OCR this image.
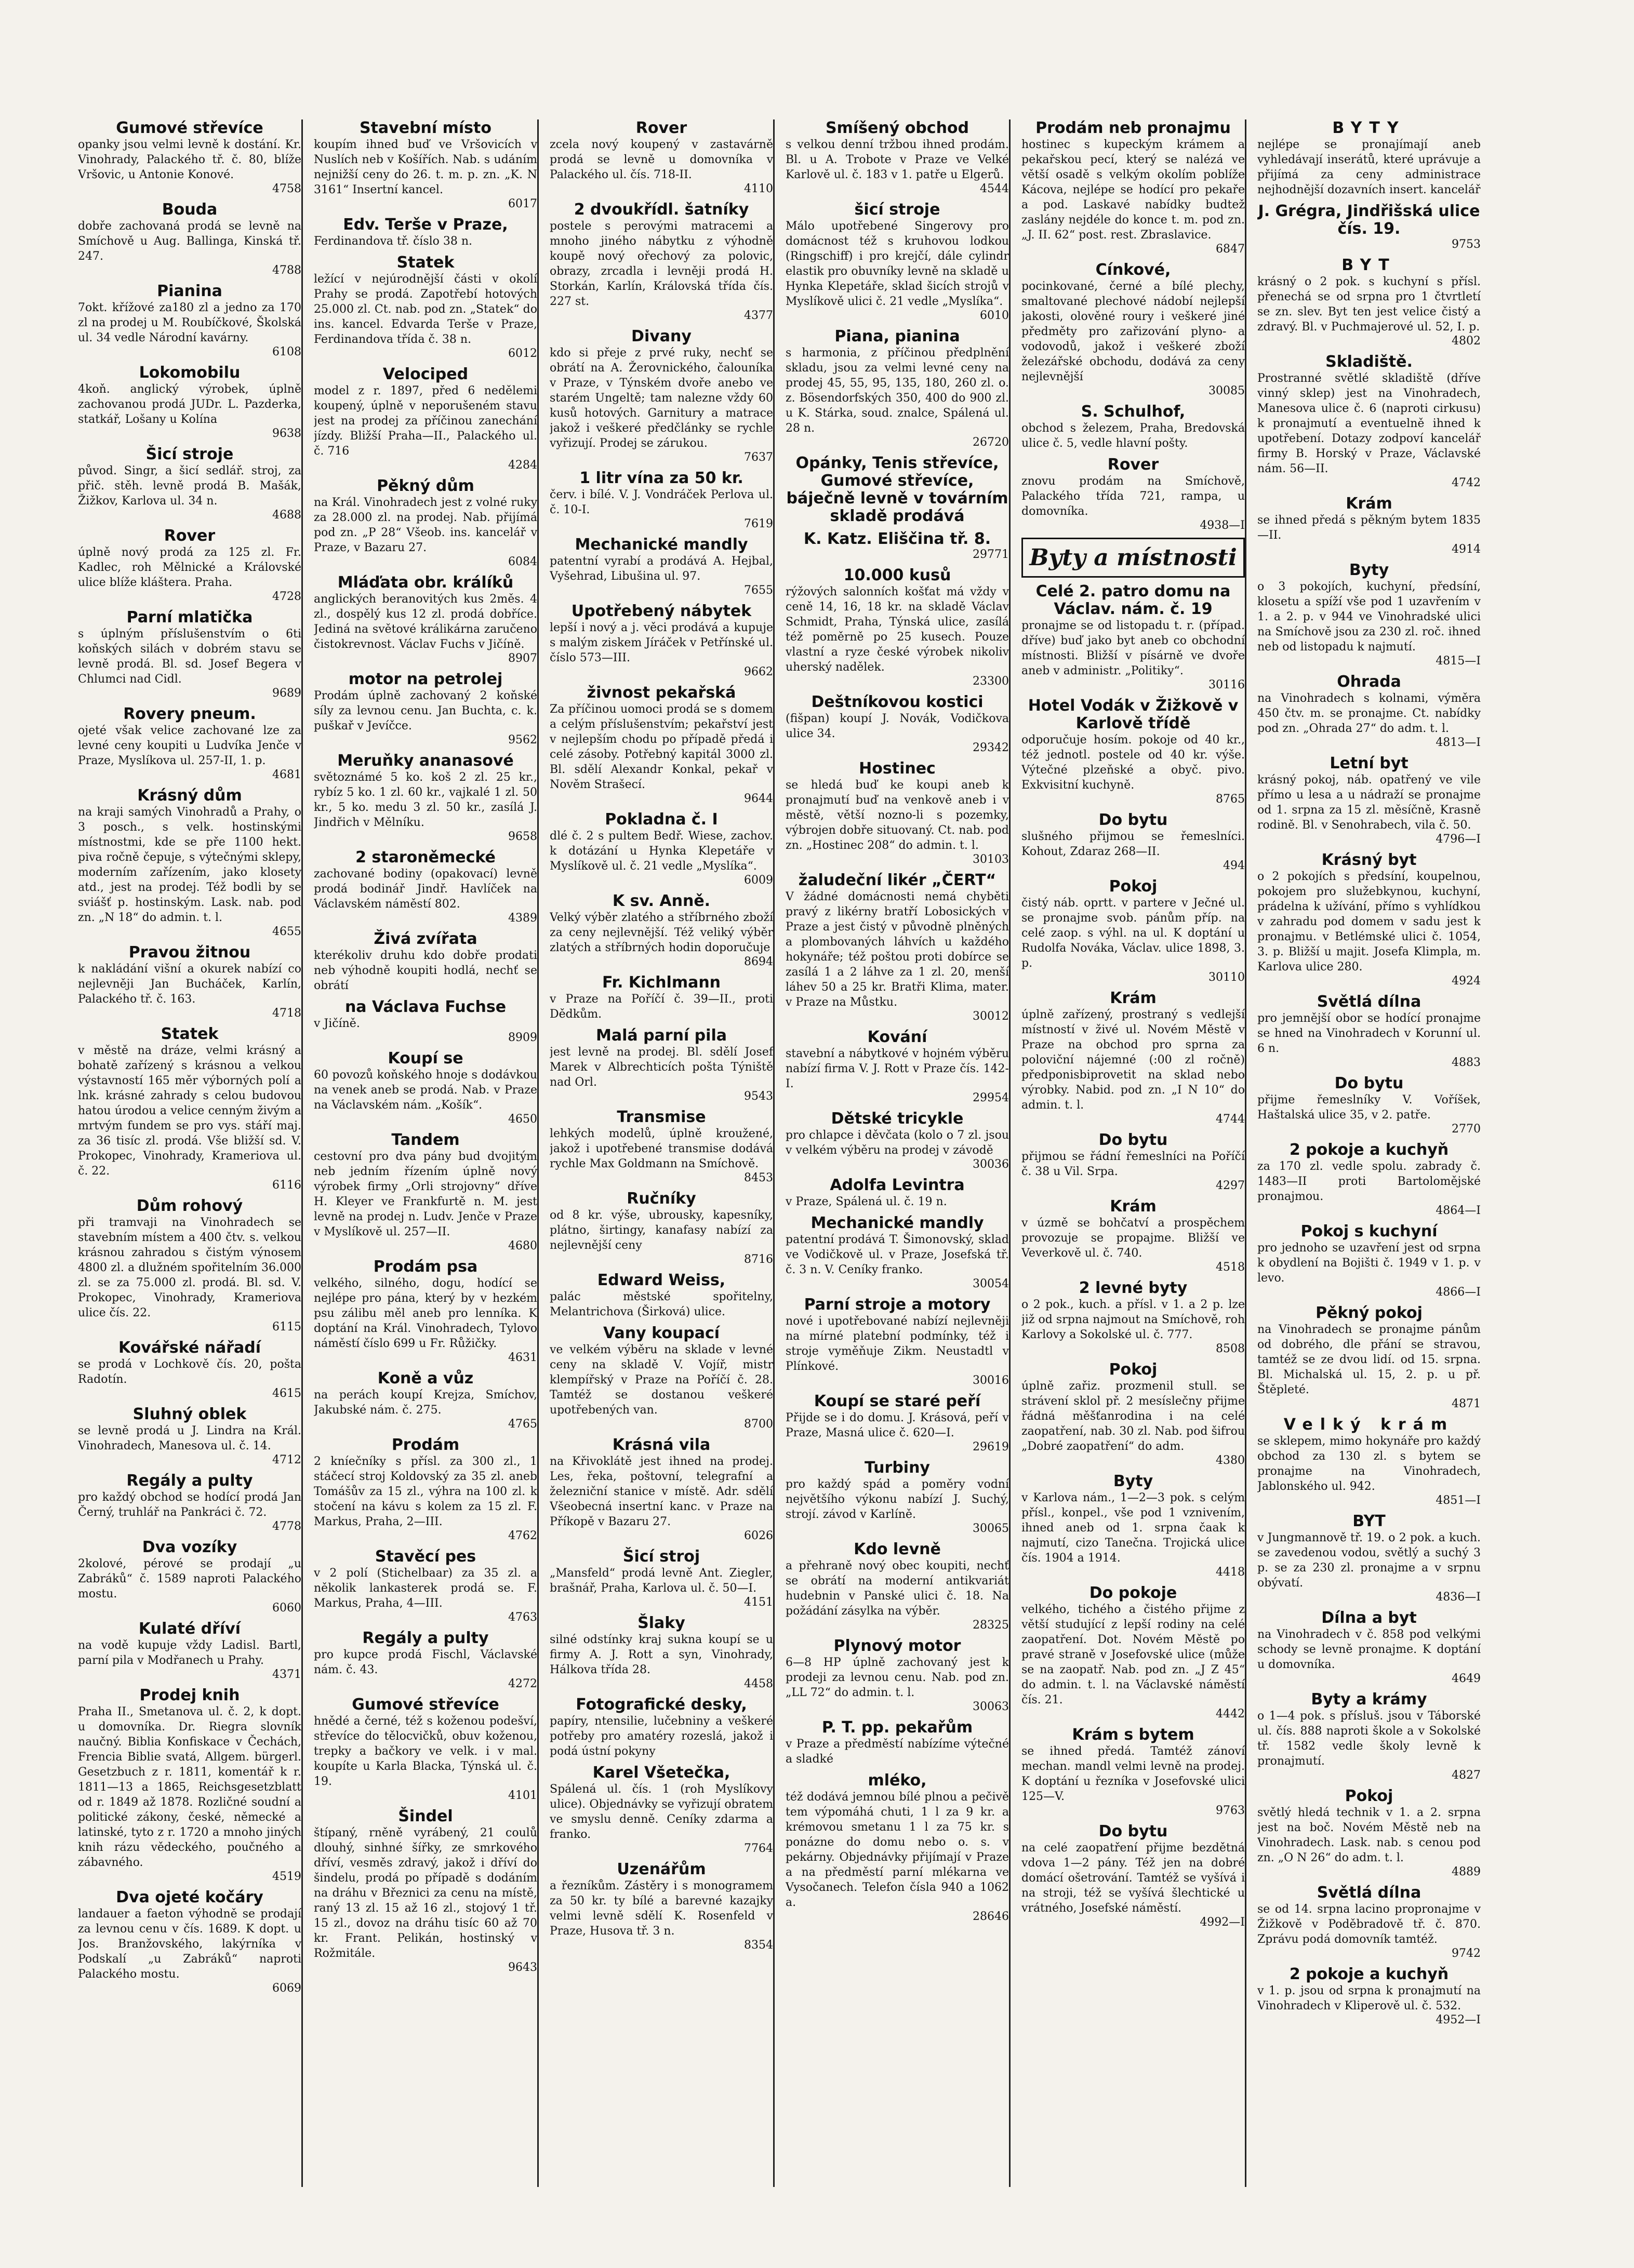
Gumové střevíce

opanky jsou velmi levně k dostání. Kr. Vinohrady, Palackého tř. č. 80, blíže Vršovic, u Antonie Konové.

4758
Bouda

dobře zachovaná prodá se levně na Smíchově u Aug. Ballinga, Kinská tř. 247.

4788
Pianina

7okt. křížové za180 zl a jedno za 170 zl na prodej u M. Roubíčkové, Školská ul. 34 vedle Národní kavárny.

6108
Lokomobilu

4koň. anglický výrobek, úplně zachovanou prodá JUDr. L. Pazderka, statkář, Lošany u Kolína

9638
Šicí stroje

původ. Singr, a šicí sedlář. stroj, za přič. stěh. levně prodá B. Mašák, Žižkov, Karlova ul. 34 n.

4688
Rover

úplně nový prodá za 125 zl. Fr. Kadlec, roh Mělnické a Královské ulice blíže kláštera. Praha.

4728
Parní mlatička

s úplným příslušenstvím o 6ti koňských silách v dobrém stavu se levně prodá. Bl. sd. Josef Begera v Chlumci nad Cidl.

9689
Rovery pneum.

ojeté však velice zachované lze za levné ceny koupiti u Ludvíka Jenče v Praze, Myslíkova ul. 257-II, 1. p.

4681
Krásný dům

na kraji samých Vinohradů a Prahy, o 3 posch., s velk. hostinskými místnostmi, kde se pře 1100 hekt. piva ročně čepuje, s výtečnými sklepy, moderním zařízením, jako klosety atd., jest na prodej. Též bodli by se sviášť p. hostinským. Lask. nab. pod zn. „N 18“ do admin. t. l.

4655
Pravou žitnou

k nakládání višní a okurek nabízí co nejlevněji Jan Bucháček, Karlín, Palackého tř. č. 163.

4718
Statek

v městě na dráze, velmi krásný a bohatě zařízený s krásnou a velkou výstavností 165 měr výborných polí a lnk. krásné zahrady s celou budovou hatou úrodou a velice cenným živým a mrtvým fundem se pro vys. stáří maj. za 36 tisíc zl. prodá. Vše bližší sd. V. Prokopec, Vinohrady, Krameriova ul. č. 22.

6116
Dům rohový

při tramvaji na Vinohradech se stavebním místem a 400 čtv. s. velkou krásnou zahradou s čistým výnosem 4800 zl. a dlužném spořitelním 36.000 zl. se za 75.000 zl. prodá. Bl. sd. V. Prokopec, Vinohrady, Krameriova ulice čís. 22.

6115
Kovářské nářadí

se prodá v Lochkově čís. 20, pošta Radotín.

4615
Sluhný oblek

se levně prodá u J. Lindra na Král. Vinohradech, Manesova ul. č. 14.

4712
Regály a pulty

pro každý obchod se hodící prodá Jan Černý, truhlář na Pankráci č. 72.

4778
Dva vozíky

2kolové, pérové se prodají „u Zabráků“ č. 1589 naproti Palackého mostu.

6060
Kulaté dříví

na vodě kupuje vždy Ladisl. Bartl, parní pila v Modřanech u Prahy.

4371
Prodej knih

Praha II., Smetanova ul. č. 2, k dopt. u domovníka. Dr. Riegra slovník naučný. Biblia Konfiskace v Čechách, Frencia Biblie svatá, Allgem. bürgerl. Gesetzbuch z r. 1811, komentář k r. 1811—13 a 1865, Reichsgesetzblatt od r. 1849 až 1878. Rozličné soudní a politické zákony, české, německé a latinské, tyto z r. 1720 a mnoho jiných knih rázu vědeckého, poučného a zábavného.

4519
Dva ojeté kočáry

landauer a faeton výhodně se prodají za levnou cenu v čís. 1689. K dopt. u Jos. Branžovského, lakýrníka v Podskalí „u Zabráků“ naproti Palackého mostu.

6069
Stavební místo

koupím ihned buď ve Vršovicích v Nuslích neb v Košířích. Nab. s udáním nejnižší ceny do 26. t. m. p. zn. „K. N 3161“ Insertní kancel.

6017
Edv. Terše v Praze,

Ferdinandova tř. číslo 38 n.

Statek

ležící v nejúrodnější části v okolí Prahy se prodá. Zapotřebí hotových 25.000 zl. Ct. nab. pod zn. „Statek“ do ins. kancel. Edvarda Terše v Praze, Ferdinandova třída č. 38 n.

6012
Velociped

model z r. 1897, před 6 nedělemi koupený, úplně v neporušeném stavu jest na prodej za příčinou zanechání jízdy. Bližší Praha—II., Palackého ul. č. 716

4284
Pěkný dům

na Král. Vinohradech jest z volné ruky za 28.000 zl. na prodej. Nab. přijímá pod zn. „P 28“ Všeob. ins. kancelář v Praze, v Bazaru 27.

6084
Mláďata obr. králíků

anglických beranovitých kus 2měs. 4 zl., dospělý kus 12 zl. prodá dobříce. Jediná na světové králikárna zaručeno čistokrevnost. Václav Fuchs v Jičíně.

8907
motor na petrolej

Prodám úplně zachovaný 2 koňské síly za levnou cenu. Jan Buchta, c. k. puškař v Jevíčce.

9562
Meruňky ananasové

světoznámé 5 ko. koš 2 zl. 25 kr., rybíz 5 ko. 1 zl. 60 kr., vajkalé 1 zl. 50 kr., 5 ko. medu 3 zl. 50 kr., zasílá J. Jindřich v Mělníku.

9658
2 staroněmecké

zachované bodiny (opakovací) levně prodá bodinář Jindř. Havlíček na Václavském náměstí 802.

4389
Živá zvířata

kterékoliv druhu kdo dobře prodati neb výhodně koupiti hodlá, nechť se obrátí

na Václava Fuchse

v Jičíně.

8909
Koupí se

60 povozů koňského hnoje s dodávkou na venek aneb se prodá. Nab. v Praze na Václavském nám. „Košík“.

4650
Tandem

cestovní pro dva pány bud dvojitým neb jedním řízením úplně nový výrobek firmy „Orli strojovny“ dříve H. Kleyer ve Frankfurtě n. M. jest levně na prodej n. Ludv. Jenče v Praze v Myslíkově ul. 257—II.

4680
Prodám psa

velkého, silného, dogu, hodící se nejlépe pro pána, který by v hezkém psu zálibu měl aneb pro lenníka. K doptání na Král. Vinohradech, Tylovo náměstí číslo 699 u Fr. Růžičky.

4631
Koně a vůz

na perách koupí Krejza, Smíchov, Jakubské nám. č. 275.

4765
Prodám

2 kníečníky s přísl. za 300 zl., 1 stáčecí stroj Koldovský za 35 zl. aneb Tomášův za 15 zl., výhra na 100 zl. k stočení na kávu s kolem za 15 zl. F. Markus, Praha, 2—III.

4762
Stavěcí pes

v 2 polí (Stichelbaar) za 35 zl. a několik lankasterek prodá se. F. Markus, Praha, 4—III.

4763
Regály a pulty

pro kupce prodá Fischl, Václavské nám. č. 43.

4272
Gumové střevíce

hnědé a černé, též s koženou podešví, střevíce do tělocvičků, obuv koženou, trepky a bačkory ve velk. i v mal. koupíte u Karla Blacka, Týnská ul. č. 19.

4101
Šindel

štípaný, rněně vyrábený, 21 coulů dlouhý, sinhné šířky, ze smrkového dříví, vesměs zdravý, jakož i dříví do šindelu, prodá po případě s dodáním na dráhu v Březnici za cenu na místě, raný 13 zl. 15 až 16 zl., stojový 1 tř. 15 zl., dovoz na dráhu tisíc 60 až 70 kr. Frant. Pelikán, hostinský v Rožmitále.

9643
Rover

zcela nový koupený v zastavárně prodá se levně u domovníka v Palackého ul. čís. 718-II.

4110
2 dvoukřídl. šatníky

postele s perovými matracemi a mnoho jiného nábytku z výhodně koupě nový ořechový za polovic, obrazy, zrcadla i levněji prodá H. Storkán, Karlín, Královská třída čís. 227 st.

4377
Divany

kdo si přeje z prvé ruky, nechť se obrátí na A. Žerovnického, čalouníka v Praze, v Týnském dvoře anebo ve starém Ungeltě; tam nalezne vždy 60 kusů hotových. Garnitury a matrace jakož i veškeré předčlánky se rychle vyřizují. Prodej se zárukou.

7637
1 litr vína za 50 kr.

červ. i bílé. V. J. Vondráček Perlova ul. č. 10-I.

7619
Mechanické mandly

patentní vyrabí a prodává A. Hejbal, Vyšehrad, Libušina ul. 97.

7655
Upotřebený nábytek

lepší i nový a j. věci prodává a kupuje s malým ziskem Jíráček v Petřínské ul. číslo 573—III.

9662
živnost pekařská

Za příčinou uomoci prodá se s domem a celým příslušenstvím; pekařství jest v nejlepším chodu po případě předá i celé zásoby. Potřebný kapitál 3000 zl. Bl. sdělí Alexandr Konkal, pekař v Nověm Strašecí.

9644
Pokladna č. I

dlé č. 2 s pultem Bedř. Wiese, zachov. k dotázání u Hynka Klepetáře v Myslíkově ul. č. 21 vedle „Myslíka“.

6009
K sv. Anně.

Velký výběr zlatého a stříbrného zboží za ceny nejlevnější. Též veliký výběr zlatých a stříbrných hodin doporučuje

8694
Fr. Kichlmann

v Praze na Poříčí č. 39—II., proti Dědkům.

Malá parní pila

jest levně na prodej. Bl. sdělí Josef Marek v Albrechticích pošta Týniště nad Orl.

9543
Transmise

lehkých modelů, úplně kroužené, jakož i upotřebené transmise dodává rychle Max Goldmann na Smíchově.

8453
Ručníky

od 8 kr. výše, ubrousky, kapesníky, plátno, širtingy, kanafasy nabízí za nejlevnější ceny

8716
Edward Weiss,

palác městské spořitelny, Melantrichova (Širková) ulice.

Vany koupací

ve velkém výběru na sklade v levné ceny na skladě V. Vojíř, mistr klempířský v Praze na Poříčí č. 28. Tamtéž se dostanou veškeré upotřebených van.

8700
Krásná vila

na Křivoklátě jest ihned na prodej. Les, řeka, poštovní, telegrafní a železniční stanice v místě. Adr. sdělí Všeobecná insertní kanc. v Praze na Příkopě v Bazaru 27.

6026
Šicí stroj

„Mansfeld“ prodá levně Ant. Ziegler, brašnář, Praha, Karlova ul. č. 50—I.

4151
Šlaky

silné odstínky kraj sukna koupí se u firmy A. J. Rott a syn, Vinohrady, Hálkova třída 28.

4458
Fotografické desky,

papíry, ntensilie, lučebniny a veškeré potřeby pro amatéry rozeslá, jakož i podá ústní pokyny

Karel Všetečka,

Spálená ul. čís. 1 (roh Myslíkovy ulice). Objednávky se vyřizují obratem ve smyslu denně. Ceníky zdarma a franko.

7764
Uzenářům

a řezníkům. Zástěry i s monogramem za 50 kr. ty bílé a barevné kazajky velmi levně sdělí K. Rosenfeld v Praze, Husova tř. 3 n.

8354
Smíšený obchod

s velkou denní tržbou ihned prodám. Bl. u A. Trobote v Praze ve Velké Karlově ul. č. 183 v 1. patře u Elgerů.

4544
šicí stroje

Málo upotřebené Singerovy pro domácnost též s kruhovou lodkou (Ringschiff) i pro krejčí, dále cylindr elastik pro obuvníky levně na skladě u Hynka Klepetáře, sklad šicích strojů v Myslíkově ulici č. 21 vedle „Myslíka“.

6010
Piana, pianina

s harmonia, z příčinou předplnění skladu, jsou za velmi levné ceny na prodej 45, 55, 95, 135, 180, 260 zl. o. z. Bösendorfských 350, 400 do 900 zl. u K. Stárka, soud. znalce, Spálená ul. 28 n.

26720
Opánky, Tenis střevíce, Gumové střevíce, báječně levně v továrním skladě prodává

K. Katz. Eliščina tř. 8.

29771
10.000 kusů

rýžových salonních košťat má vždy v ceně 14, 16, 18 kr. na skladě Václav Schmidt, Praha, Týnská ulice, zasílá též poměrně po 25 kusech. Pouze vlastní a ryze české výrobek nikoliv uherský nadělek.

23300
Deštníkovou kostici

(fišpan) koupí J. Novák, Vodičkova ulice 34.

29342
Hostinec

se hledá buď ke koupi aneb k pronajmutí buď na venkově aneb i v městě, větší nozno-li s pozemky, výbrojen dobře situovaný. Ct. nab. pod zn. „Hostinec 208“ do admin. t. l.

30103
žaludeční likér „ČERT“

V žádné domácnosti nemá chyběti pravý z likérny bratří Lobosických v Praze a jest čistý v původně plněných a plombovaných láhvích u každého hokynáře; též poštou proti dobírce se zasílá 1 a 2 láhve za 1 zl. 20, menší láhev 50 a 25 kr. Bratři Klima, mater. v Praze na Můstku.

30012
Kování

stavební a nábytkové v hojném výběru nabízí firma V. J. Rott v Praze čís. 142-I.

29954
Dětské tricykle

pro chlapce i děvčata (kolo o 7 zl. jsou v velkém výběru na prodej v závodě

30036
Adolfa Levintra

v Praze, Spálená ul. č. 19 n.

Mechanické mandly

patentní prodává T. Šimonovský, sklad ve Vodičkově ul. v Praze, Josefská tř. č. 3 n. V. Ceníky franko.

30054
Parní stroje a motory

nové i upotřebované nabízí nejlevněji na mírné platební podmínky, též i stroje vyměňuje Zikm. Neustadtl v Plínkové.

30016
Koupí se staré peří

Přijde se i do domu. J. Krásová, peří v Praze, Masná ulice č. 620—I.

29619
Turbiny

pro každý spád a poměry vodní největšího výkonu nabízí J. Suchý, strojí. závod v Karlíně.

30065
Kdo levně

a přehraně nový obec koupiti, nechť se obrátí na moderní antikvariát hudebnin v Panské ulici č. 18. Na požádání zásylka na výběr.

28325
Plynový motor

6—8 HP úplně zachovaný jest k prodeji za levnou cenu. Nab. pod zn. „LL 72“ do admin. t. l.

30063
P. T. pp. pekařům

v Praze a předměstí nabízíme výtečné a sladké

mléko,

též dodává jemnou bílé plnou a pečivě tem výpomáhá chuti, 1 l za 9 kr. a krémovou smetanu 1 l za 75 kr. s ponázne do domu nebo o. s. v pekárny. Objednávky přijímají v Praze a na předměstí parní mlékarna ve Vysočanech. Telefon čísla 940 a 1062 a.

28646
Prodám neb pronajmu

hostinec s kupeckým krámem a pekařskou pecí, který se nalézá ve větší osadě s velkým okolím poblíže Kácova, nejlépe se hodící pro pekaře a pod. Laskavé nabídky budtež zaslány nejdéle do konce t. m. pod zn. „J. II. 62“ post. rest. Zbraslavice.

6847
Cínkové,

pocinkované, černé a bílé plechy, smaltované plechové nádobí nejlepší jakosti, olověné roury i veškeré jiné předměty pro zařizování plyno- a vodovodů, jakož i veškeré zboží železářské obchodu, dodává za ceny nejlevnější

30085
S. Schulhof,

obchod s železem, Praha, Bredovská ulice č. 5, vedle hlavní pošty.

Rover

znovu prodám na Smíchově, Palackého třída 721, rampa, u domovníka.

4938—I
Byty a místnosti
Celé 2. patro domu na Václav. nám. č. 19

pronajme se od listopadu t. r. (případ. dříve) buď jako byt aneb co obchodní místnosti. Bližší v písárně ve dvoře aneb v administr. „Politiky“.

30116
Hotel Vodák v Žižkově v Karlově třídě

odporučuje hosím. pokoje od 40 kr., též jednotl. postele od 40 kr. výše. Výtečné plzeňské a obyč. pivo. Exkvisitní kuchyně.

8765
Do bytu

slušného přijmou se řemeslníci. Kohout, Zdaraz 268—II.

494
Pokoj

čistý náb. oprtt. v partere v Ječné ul. se pronajme svob. pánům příp. na celé zaop. s výhl. na ul. K doptání u Rudolfa Nováka, Václav. ulice 1898, 3. p.

30110
Krám

úplně zařízený, prostraný s vedlejší místností v živé ul. Novém Městě v Praze na obchod pro sprna za poloviční nájemné (:00 zl ročně) předponisbiprovetit na sklad nebo výrobky. Nabid. pod zn. „I N 10“ do admin. t. l.

4744
Do bytu

přijmou se řádní řemeslníci na Poříčí č. 38 u Vil. Srpa.

4297
Krám

v úzmě se bohčatví a prospěchem provozuje se propajme. Bližší ve Veverkově ul. č. 740.

4518
2 levné byty

o 2 pok., kuch. a přísl. v 1. a 2 p. lze již od srpna najmout na Smíchově, roh Karlovy a Sokolské ul. č. 777.

8508
Pokoj

úplně zařiz. prozmenil stull. se strávení sklol př. 2 mesíslečny přijme řádná měšťanrodina i na celé zaopatření, nab. 30 zl. Nab. pod šifrou „Dobré zaopatření“ do adm.

4380
Byty

v Karlova nám., 1—2—3 pok. s celým přísl., konpel., vše pod 1 vznivením, ihned aneb od 1. srpna čaak k najmutí, cizo Tanečna. Trojická ulice čís. 1904 a 1914.

4418
Do pokoje

velkého, tichého a čistého přijme z větší studující z lepší rodiny na celé zaopatření. Dot. Novém Městě po pravé straně v Josefovské ulice (může se na zaopatř. Nab. pod zn. „J Z 45“ do admin. t. l. na Václavské náměstí čís. 21.

4442
Krám s bytem

se ihned předá. Tamtéž zánoví mechan. mandl velmi levně na prodej. K doptání u řezníka v Josefovské ulici 125—V.

9763
Do bytu

na celé zaopatření přijme bezdětná vdova 1—2 pány. Též jen na dobré domácí ošetrování. Tamtéž se vyšívá i na stroji, též se vyšívá šlechtické u vrátného, Josefské náměstí.

4992—I
BYTY

nejlépe se pronajímají aneb vyhledávají inserátů, které uprávuje a přijímá za ceny administrace nejhodnější dozavních insert. kancelář

J. Grégra, Jindřišská ulice čís. 19.

9753
BYT

krásný o 2 pok. s kuchyní s přísl. přenechá se od srpna pro 1 čtvrtletí se zn. slev. Byt ten jest velice čistý a zdravý. Bl. v Puchmajerové ul. 52, I. p.

4802
Skladiště.

Prostranné světlé skladiště (dříve vinný sklep) jest na Vinohradech, Manesova ulice č. 6 (naproti cirkusu) k pronajmutí a eventuelně ihned k upotřebení. Dotazy zodpoví kancelář firmy B. Horský v Praze, Václavské nám. 56—II.

4742
Krám

se ihned předá s pěkným bytem 1835—II.

4914
Byty

o 3 pokojích, kuchyní, předsíní, klosetu a spíží vše pod 1 uzavřením v 1. a 2. p. v 944 ve Vinohradské ulici na Smíchově jsou za 230 zl. roč. ihned neb od listopadu k najmutí.

4815—I
Ohrada

na Vinohradech s kolnami, výměra 450 čtv. m. se pronajme. Ct. nabídky pod zn. „Ohrada 27“ do adm. t. l.

4813—I
Letní byt

krásný pokoj, náb. opatřený ve vile přímo u lesa a u nádraží se pronajme od 1. srpna za 15 zl. měsíčně, Krasně rodině. Bl. v Senohrabech, vila č. 50.

4796—I
Krásný byt

o 2 pokojích s předsíní, koupelnou, pokojem pro služebkynou, kuchyní, prádelna k užívání, přímo s vyhlídkou v zahradu pod domem v sadu jest k pronajmu. v Betlémské ulici č. 1054, 3. p. Bližší u majit. Josefa Klimpla, m. Karlova ulice 280.

4924
Světlá dílna

pro jemnější obor se hodící pronajme se hned na Vinohradech v Korunní ul. 6 n.

4883
Do bytu

přijme řemeslníky V. Voříšek, Haštalská ulice 35, v 2. patře.

2770
2 pokoje a kuchyň

za 170 zl. vedle spolu. zabrady č. 1483—II proti Bartolomějské pronajmou.

4864—I
Pokoj s kuchyní

pro jednoho se uzavření jest od srpna k obydlení na Bojišti č. 1949 v 1. p. v levo.

4866—I
Pěkný pokoj

na Vinohradech se pronajme pánům od dobrého, dle přání se stravou, tamtéž se ze dvou lidí. od 15. srpna. Bl. Michalská ul. 15, 2. p. u př. Štěpleté.

4871
Velký krám

se sklepem, mimo hokynáře pro každý obchod za 130 zl. s bytem se pronajme na Vinohradech, Jablonského ul. 942.

4851—I
BYT

v Jungmannově tř. 19. o 2 pok. a kuch. se zavedenou vodou, světlý a suchý 3 p. se za 230 zl. pronajme a v srpnu obývatí.

4836—I
Dílna a byt

na Vinohradech v č. 858 pod velkými schody se levně pronajme. K doptání u domovníka.

4649
Byty a krámy

o 1—4 pok. s přísluš. jsou v Táborské ul. čís. 888 naproti škole a v Sokolské tř. 1582 vedle školy levně k pronajmutí.

4827
Pokoj

světlý hledá technik v 1. a 2. srpna jest na boč. Novém Městě neb na Vinohradech. Lask. nab. s cenou pod zn. „O N 26“ do adm. t. l.

4889
Světlá dílna

se od 14. srpna lacino propronajme v Žižkově v Poděbradově tř. č. 870. Zprávu podá domovník tamtéž.

9742
2 pokoje a kuchyň

v 1. p. jsou od srpna k pronajmutí na Vinohradech v Kliperově ul. č. 532.

4952—I
